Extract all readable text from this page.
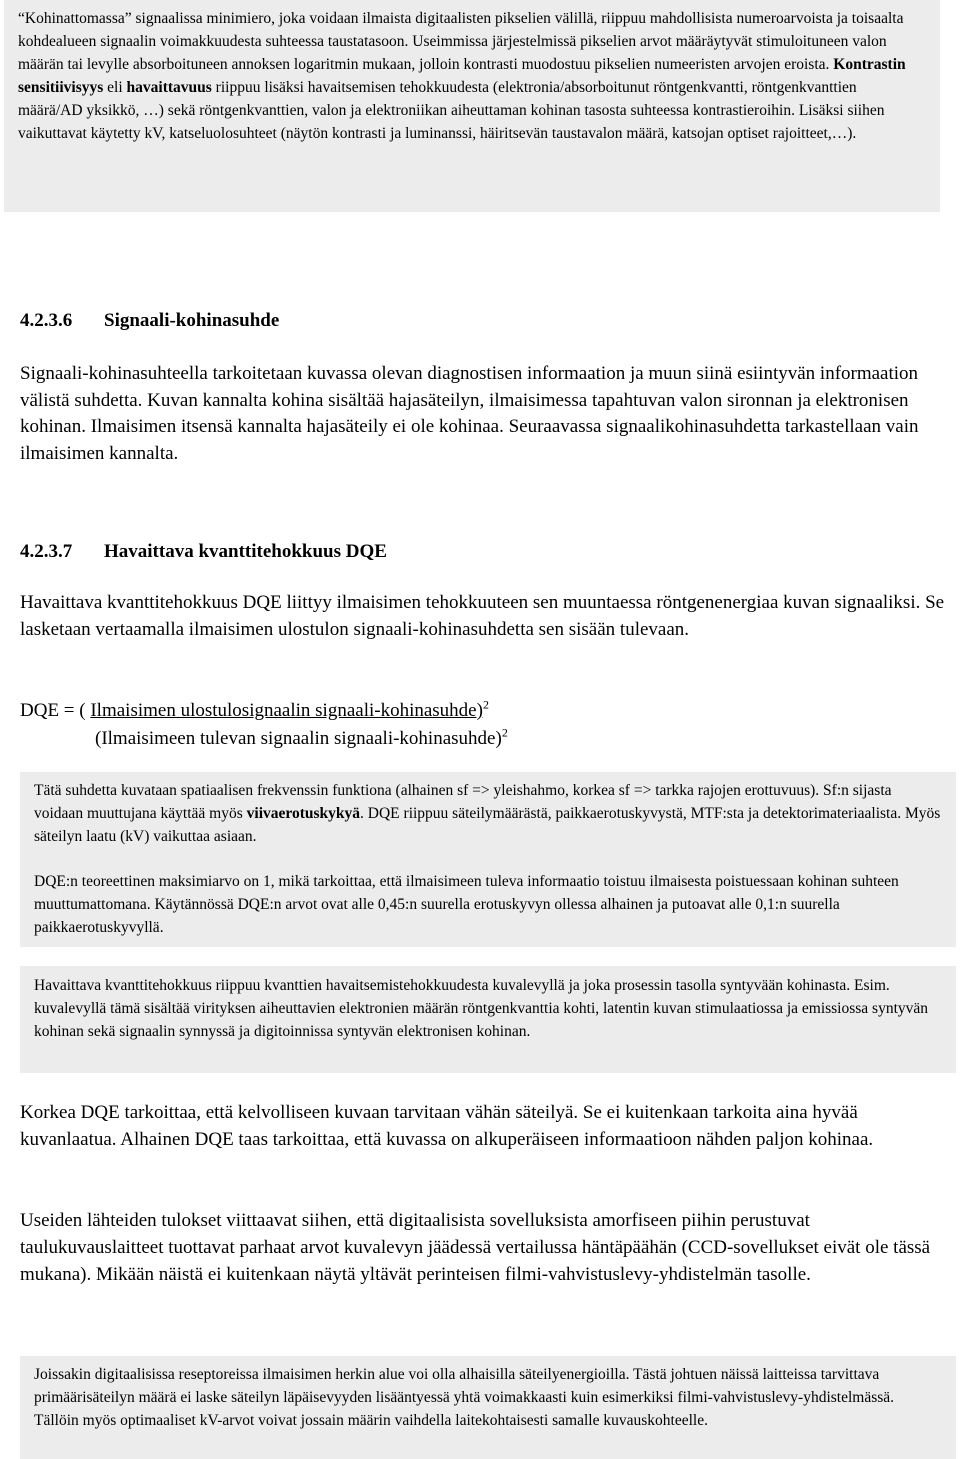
“Kohinattomassa” signaalissa minimiero, joka voidaan ilmaista digitaalisten pikselien välillä, riippuu mahdollisista numeroarvoista ja toisaalta kohdealueen signaalin voimakkuudesta suhteessa taustatasoon. Useimmissa järjestelmissä pikselien arvot määräytyvät stimuloituneen valon määrän tai levylle absorboituneen annoksen logaritmin mukaan, jolloin kontrasti muodostuu pikselien numeeristen arvojen eroista. Kontrastin sensitiivisyys eli havaittavuus riippuu lisäksi havaitsemisen tehokkuudesta (elektronia/absorboitunut röntgenkvantti, röntgenkvanttien määrä/AD yksikkö, …) sekä röntgenkvanttien, valon ja elektroniikan aiheuttaman kohinan tasosta suhteessa kontrastieroihin. Lisäksi siihen vaikuttavat käytetty kV, katseluolosuhteet (näytön kontrasti ja luminanssi, häiritsevän taustavalon määrä, katsojan optiset rajoitteet,…).

4.2.3.6 Signaali-kohinasuhde

Signaali-kohinasuhteella tarkoitetaan kuvassa olevan diagnostisen informaation ja muun siinä esiintyvän informaation välistä suhdetta. Kuvan kannalta kohina sisältää hajasäteilyn, ilmaisimessa tapahtuvan valon sironnan ja elektronisen kohinan. Ilmaisimen itsensä kannalta hajasäteily ei ole kohinaa. Seuraavassa signaalikohinasuhdetta tarkastellaan vain ilmaisimen kannalta.

4.2.3.7 Havaittava kvanttitehokkuus DQE

Havaittava kvanttitehokkuus DQE liittyy ilmaisimen tehokkuuteen sen muuntaessa röntgenenergiaa kuvan signaaliksi. Se lasketaan vertaamalla ilmaisimen ulostulon signaali-kohinasuhdetta sen sisään tulevaan.

DQE = ( Ilmaisimen ulostulosignaalin signaali-kohinasuhde)$^2$
(Ilmaisimeen tulevan signaalin signaali-kohinasuhde)$^2$

Tätä suhdetta kuvataan spatiaalisen frekvenssin funktiona (alhainen sf => yleishahmo, korkea sf => tarkka rajojen erottuvuus). Sf:n sijasta voidaan muuttujana käyttää myös viivaerotuskykyä. DQE riippuu säteilymäärästä, paikkaerotuskyvystä, MTF:sta ja detektorimateriaalista. Myös säteilyn laatu (kV) vaikuttaa asiaan.

DQE:n teoreettinen maksimiarvo on 1, mikä tarkoittaa, että ilmaisimeen tuleva informaatio toistuu ilmaisesta poistuessaan kohinan suhteen muuttumattomana. Käytännössä DQE:n arvot ovat alle 0,45:n suurella erotuskyvyn ollessa alhainen ja putoavat alle 0,1:n suurella paikkaerotuskyvyllä.

Havaittava kvanttitehokkuus riippuu kvanttien havaitsemistehokkuudesta kuvalevyllä ja joka prosessin tasolla syntyvään kohinasta. Esim. kuvalevyllä tämä sisältää virityksen aiheuttavien elektronien määrän röntgenkvanttia kohti, latentin kuvan stimulaatiossa ja emissiossa syntyvän kohinan sekä signaalin synnyssä ja digitoinnissa syntyvän elektronisen kohinan.

Korkea DQE tarkoittaa, että kelvolliseen kuvaan tarvitaan vähän säteilyä. Se ei kuitenkaan tarkoita aina hyvää kuvanlaatua. Alhainen DQE taas tarkoittaa, että kuvassa on alkuperäiseen informaatioon nähden paljon kohinaa.

Useiden lähteiden tulokset viittaavat siihen, että digitaalisista sovelluksista amorfiseen piihin perustuvat taulukuvauslaitteet tuottavat parhaat arvot kuvalevyn jäädessä vertailussa häntäpäähän (CCD-sovellukset eivät ole tässä mukana). Mikään näistä ei kuitenkaan näytä yltävät perinteisen filmi-vahvistuslevy-yhdistelmän tasolle.

Joissakin digitaalisissa reseptoreissa ilmaisimen herkin alue voi olla alhaisilla säteilyenergioilla. Tästä johtuen näissä laitteissa tarvittava primäärisäteilyn määrä ei laske säteilyn läpäisevyyden lisääntyessä yhtä voimakkaasti kuin esimerkiksi filmi-vahvistuslevy-yhdistelmässä. Tällöin myös optimaaliset kV-arvot voivat jossain määrin vaihdella laitekohtaisesti samalle kuvauskohteelle.
